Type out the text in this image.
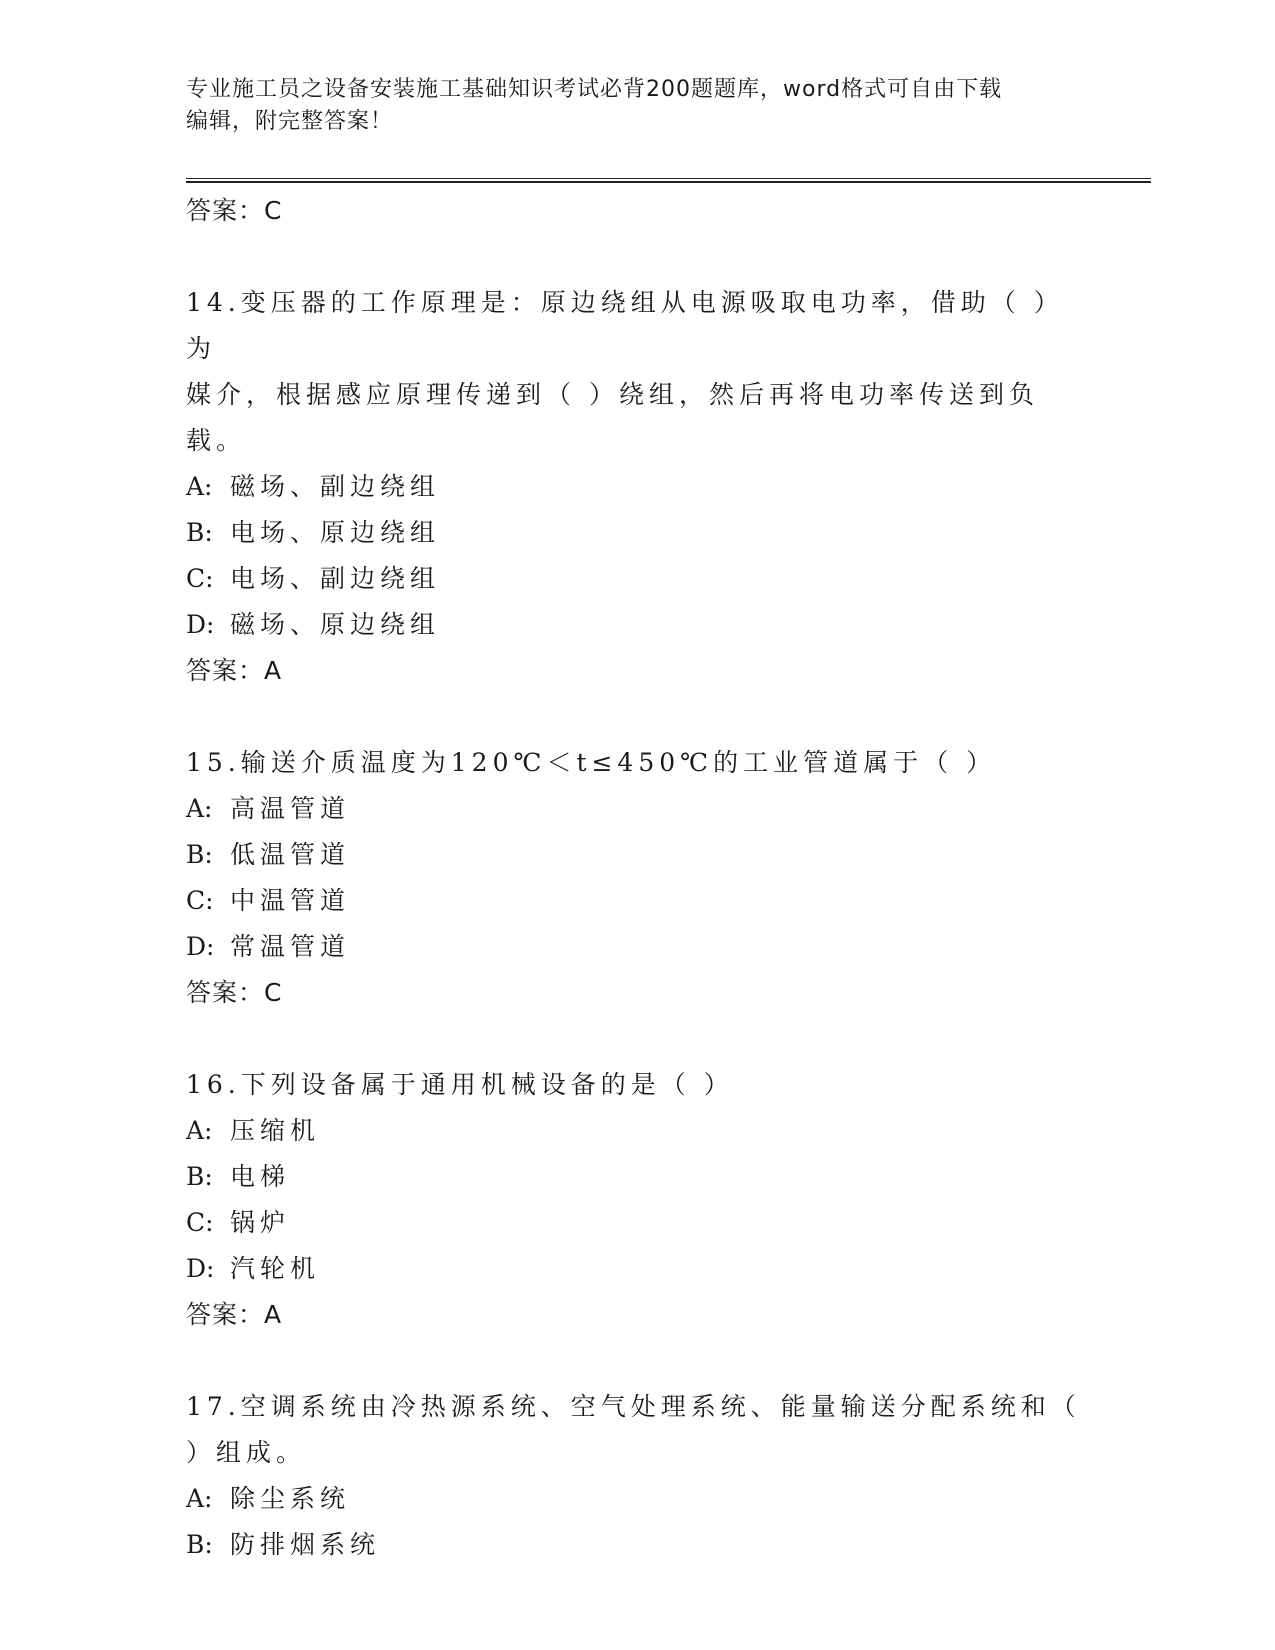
专业施工员之设备安装施工基础知识考试必背200题题库，word格式可自由下载
编辑，附完整答案！
答案：C
14.变压器的工作原理是：原边绕组从电源吸取电功率，借助（ ）为
媒介，根据感应原理传递到（ ）绕组，然后再将电功率传送到负载。
A: 磁场、副边绕组
B: 电场、原边绕组
C: 电场、副边绕组
D: 磁场、原边绕组
答案：A
15.输送介质温度为120℃＜t≤450℃的工业管道属于（ ）
A: 高温管道
B: 低温管道
C: 中温管道
D: 常温管道
答案：C
16.下列设备属于通用机械设备的是（ ）
A: 压缩机
B: 电梯
C: 锅炉
D: 汽轮机
答案：A
17.空调系统由冷热源系统、空气处理系统、能量输送分配系统和（
）组成。
A: 除尘系统
B: 防排烟系统
